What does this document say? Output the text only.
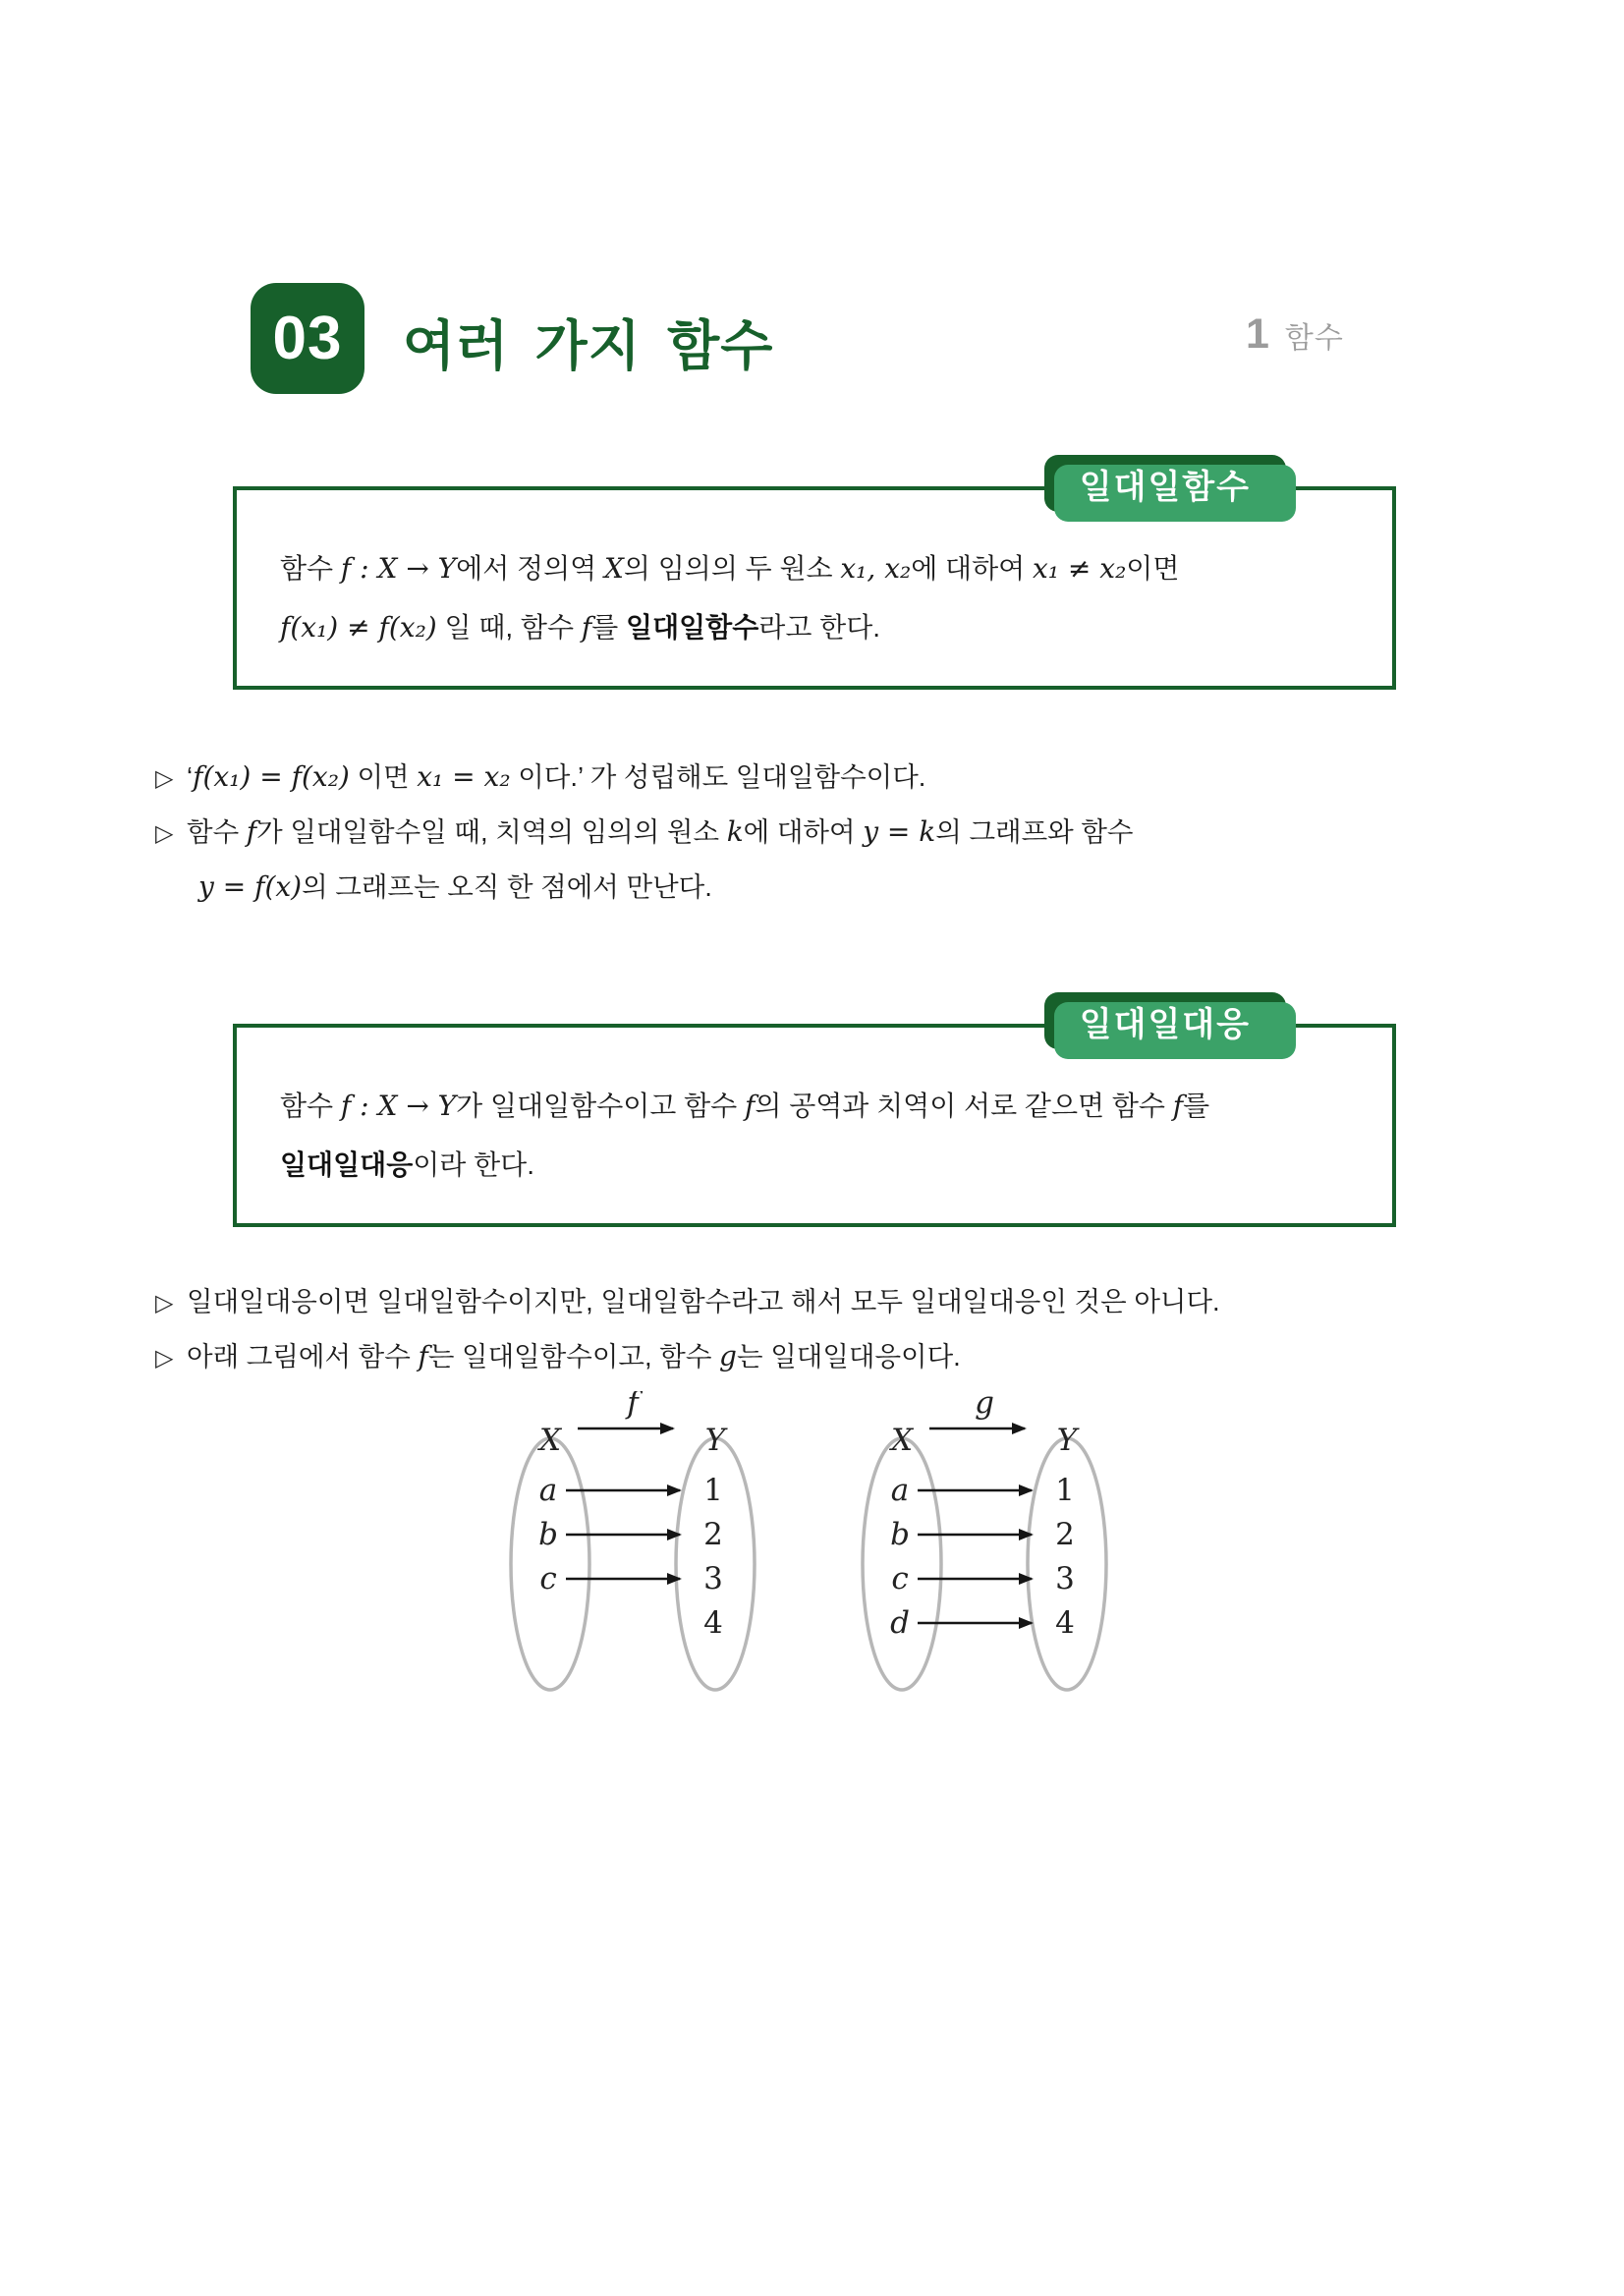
03 여러 가지 함수	1 함수
일대일함수

함수 f : X → Y에서 정의역 X의 임의의 두 원소 x₁, x₂에 대하여 x₁ ≠ x₂이면

f(x₁) ≠ f(x₂) 일 때, 함수 f를 일대일함수라고 한다.

▷ ‘f(x₁) = f(x₂) 이면 x₁ = x₂ 이다.’ 가 성립해도 일대일함수이다.

▷ 함수 f가 일대일함수일 때, 치역의 임의의 원소 k에 대하여 y = k의 그래프와 함수
y = f(x)의 그래프는 오직 한 점에서 만난다.

일대일대응

함수 f : X → Y가 일대일함수이고 함수 f의 공역과 치역이 서로 같으면 함수 f를

일대일대응이라 한다.

▷ 일대일대응이면 일대일함수이지만, 일대일함수라고 해서 모두 일대일대응인 것은 아니다.

▷ 아래 그림에서 함수 f는 일대일함수이고, 함수 g는 일대일대응이다.

f
X	Y
a
b
c
1
2
3
4
g
X	Y
a
b
c
d
1
2
3
4
